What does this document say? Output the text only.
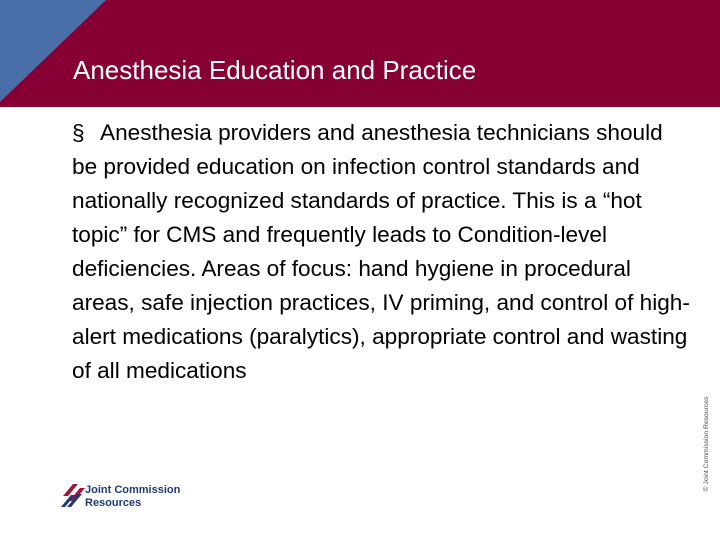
Anesthesia Education and Practice

§ Anesthesia providers and anesthesia technicians should be provided education on infection control standards and nationally recognized standards of practice. This is a “hot topic” for CMS and frequently leads to Condition-level deficiencies. Areas of focus: hand hygiene in procedural areas, safe injection practices, IV priming, and control of high-alert medications (paralytics), appropriate control and wasting of all medications

© Joint Commission Resources
Joint Commission
Resources
